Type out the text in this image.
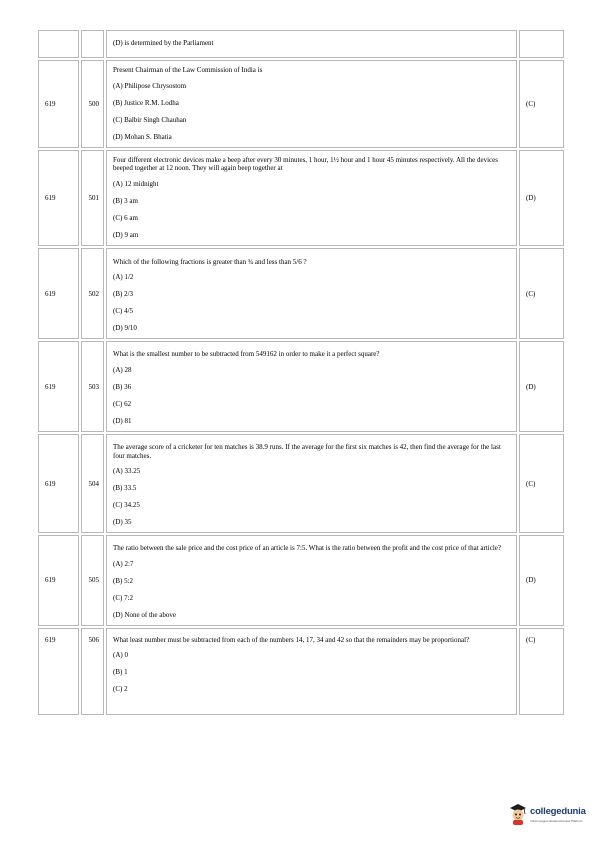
		(D) is determined by the Parliament	

619	500	Present Chairman of the Law Commission of India is
(A) Philipose Chrysostom
(B) Justice R.M. Lodha
(C) Balbir Singh Chauhan
(D) Mohan S. Bhatia	(C)

619	501	Four different electronic devices make a beep after every 30 minutes, 1 hour, 1½ hour and 1 hour 45 minutes respectively. All the devices beeped together at 12 noon. They will again beep together at
(A) 12 midnight
(B) 3 am
(C) 6 am
(D) 9 am	(D)

619	502	Which of the following fractions is greater than ¾ and less than 5/6 ?
(A) 1/2
(B) 2/3
(C) 4/5
(D) 9/10	(C)

619	503	What is the smallest number to be subtracted from 549162 in order to make it a perfect square?
(A) 28
(B) 36
(C) 62
(D) 81	(D)

619	504	The average score of a cricketer for ten matches is 38.9 runs. If the average for the first six matches is 42, then find the average for the last four matches.
(A) 33.25
(B) 33.5
(C) 34.25
(D) 35	(C)

619	505	The ratio between the sale price and the cost price of an article is 7:5. What is the ratio between the profit and the cost price of that article?
(A) 2:7
(B) 5:2
(C) 7:2
(D) None of the above	(D)

619	506	What least number must be subtracted from each of the numbers 14, 17, 34 and 42 so that the remainders may be proportional?
(A) 0
(B) 1
(C) 2	(C)
collegedunia
India's largest Student Review Platform
